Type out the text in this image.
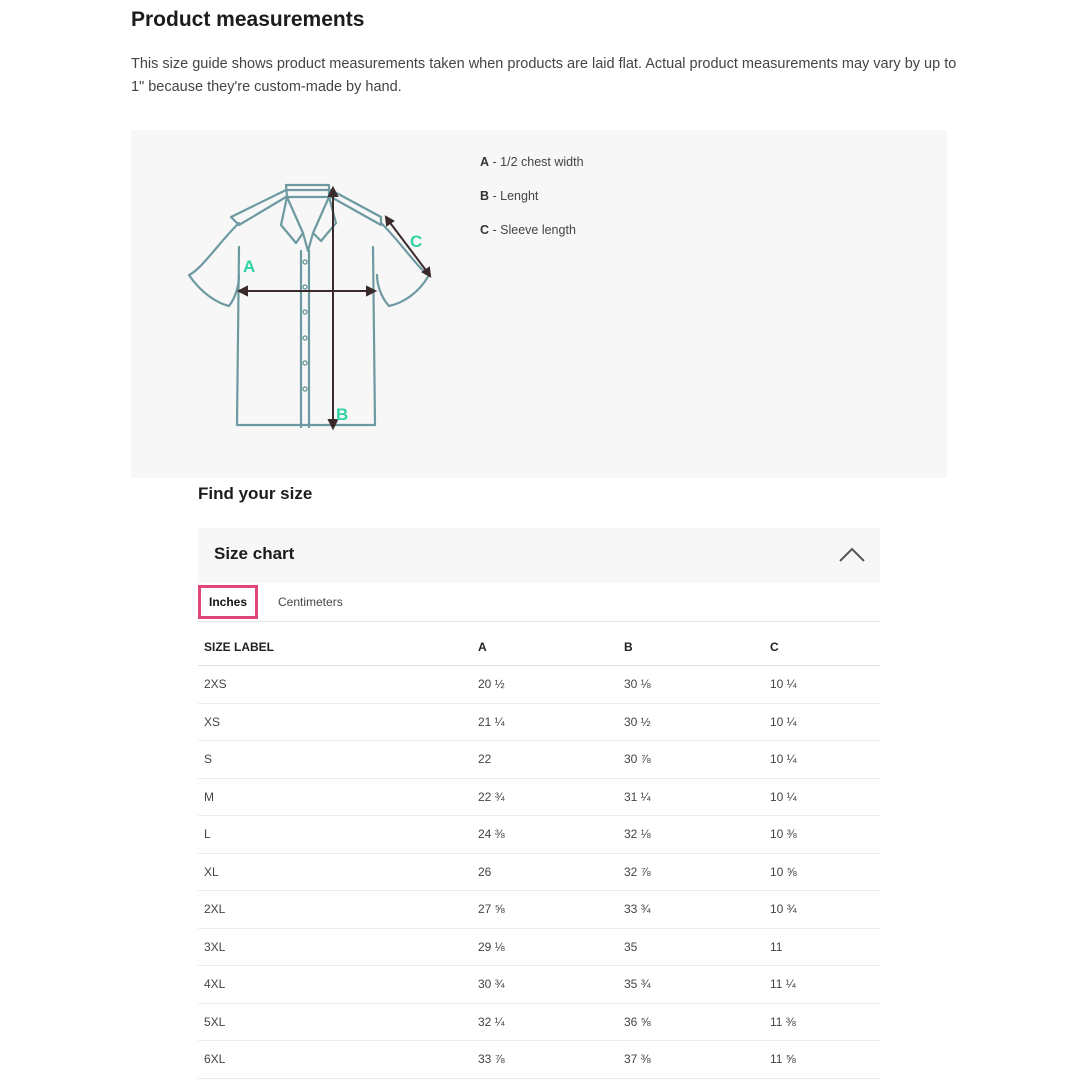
Product measurements
This size guide shows product measurements taken when products are laid flat. Actual product measurements may vary by up to 1" because they're custom-made by hand.
A
B
C
A - 1/2 chest width
B - Lenght
C - Sleeve length
Find your size
Size chart
Inches	Centimeters
SIZE LABEL	A	B	C
2XS	20 ½	30 ⅛	10 ¼
XS	21 ¼	30 ½	10 ¼
S	22	30 ⅞	10 ¼
M	22 ¾	31 ¼	10 ¼
L	24 ⅜	32 ⅛	10 ⅜
XL	26	32 ⅞	10 ⅝
2XL	27 ⅝	33 ¾	10 ¾
3XL	29 ⅛	35	11
4XL	30 ¾	35 ¾	11 ¼
5XL	32 ¼	36 ⅝	11 ⅜
6XL	33 ⅞	37 ⅜	11 ⅝
